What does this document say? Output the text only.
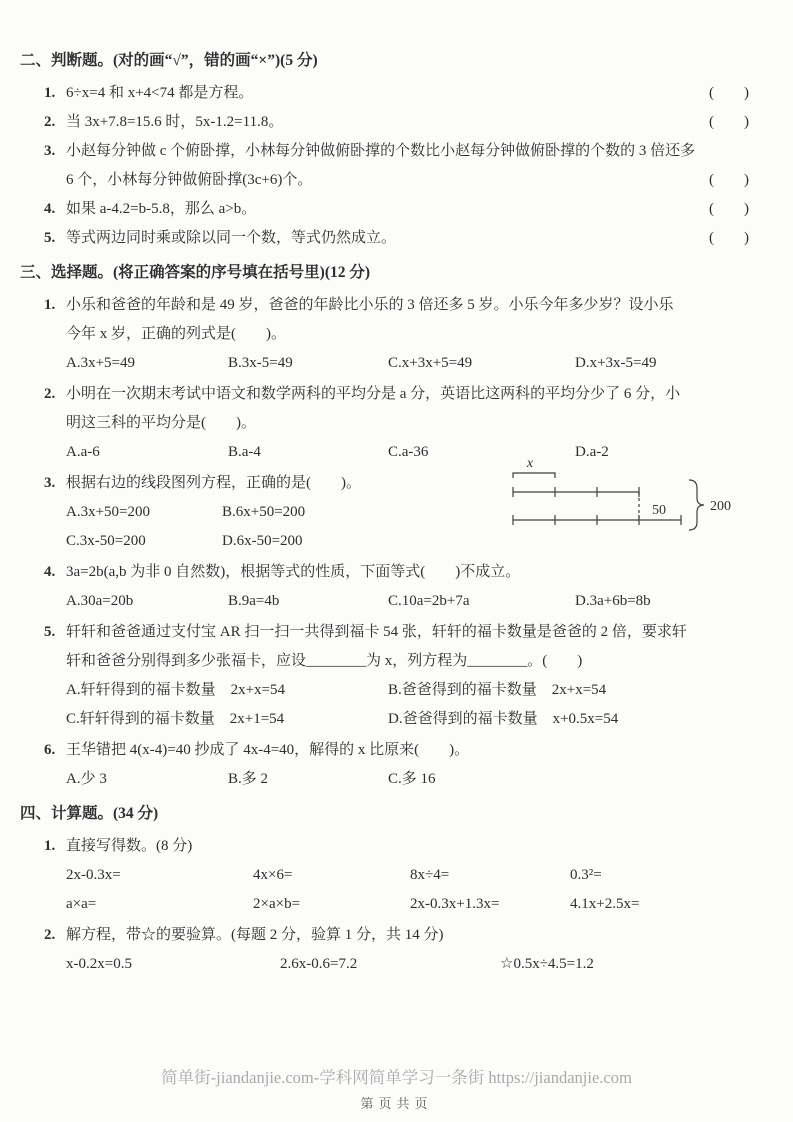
二、判断题。(对的画“√”，错的画“×”)(5 分)
1. 6÷x=4 和 x+4<74 都是方程。	(　　)
2. 当 3x+7.8=15.6 时，5x-1.2=11.8。	(　　)
3. 小赵每分钟做 c 个俯卧撑，小林每分钟做俯卧撑的个数比小赵每分钟做俯卧撑的个数的 3 倍还多
6 个，小林每分钟做俯卧撑(3c+6)个。	(　　)
4. 如果 a-4.2=b-5.8，那么 a>b。	(　　)
5. 等式两边同时乘或除以同一个数，等式仍然成立。	(　　)
三、选择题。(将正确答案的序号填在括号里)(12 分)
1. 小乐和爸爸的年龄和是 49 岁，爸爸的年龄比小乐的 3 倍还多 5 岁。小乐今年多少岁？设小乐
今年 x 岁，正确的列式是(　　)。
A.3x+5=49	B.3x-5=49	C.x+3x+5=49	D.x+3x-5=49
2. 小明在一次期末考试中语文和数学两科的平均分是 a 分，英语比这两科的平均分少了 6 分，小
明这三科的平均分是(　　)。
A.a-6	B.a-4	C.a-36	D.a-2
3. 根据右边的线段图列方程，正确的是(　　)。
A.3x+50=200	B.6x+50=200
C.3x-50=200	D.6x-50=200
x
50	200
4. 3a=2b(a,b 为非 0 自然数)，根据等式的性质，下面等式(　　)不成立。
A.30a=20b	B.9a=4b	C.10a=2b+7a	D.3a+6b=8b
5. 轩轩和爸爸通过支付宝 AR 扫一扫一共得到福卡 54 张，轩轩的福卡数量是爸爸的 2 倍，要求轩
轩和爸爸分别得到多少张福卡，应设________为 x，列方程为________。(　　)
A.轩轩得到的福卡数量　2x+x=54	B.爸爸得到的福卡数量　2x+x=54
C.轩轩得到的福卡数量　2x+1=54	D.爸爸得到的福卡数量　x+0.5x=54
6. 王华错把 4(x-4)=40 抄成了 4x-4=40，解得的 x 比原来(　　)。
A.少 3	B.多 2	C.多 16
四、计算题。(34 分)
1. 直接写得数。(8 分)
2x-0.3x=	4x×6=	8x÷4=	0.3²=
a×a=	2×a×b=	2x-0.3x+1.3x=	4.1x+2.5x=
2. 解方程，带☆的要验算。(每题 2 分，验算 1 分，共 14 分)
x-0.2x=0.5	2.6x-0.6=7.2	☆0.5x÷4.5=1.2
简单街-jiandanjie.com-学科网简单学习一条街 https://jiandanjie.com
第页共页
